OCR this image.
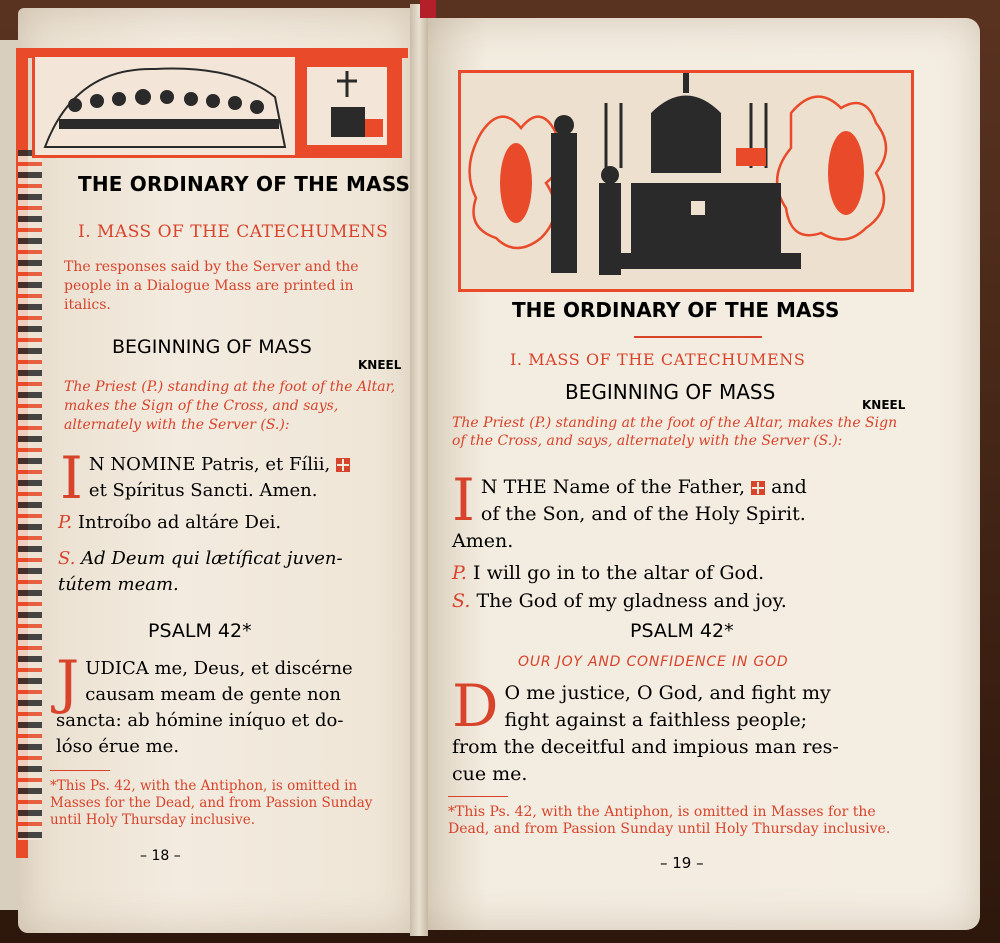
THE ORDINARY OF THE MASS
I. MASS OF THE CATECHUMENS
The responses said by the Server and the people in a Dialogue Mass are printed in italics.
BEGINNING OF MASS
KNEEL
The Priest (P.) standing at the foot of the Altar, makes the Sign of the Cross, and says, alternately with the Server (S.):
I N NOMINE Patris, et Fílii,
et Spíritus Sancti. Amen.
P. Introíbo ad altáre Dei.
S. Ad Deum qui lætíficat juven-
tútem meam.
PSALM 42*
J UDICA me, Deus, et discérne
causam meam de gente non
sancta: ab hómine iníquo et do-
lóso érue me.
*This Ps. 42, with the Antiphon, is omitted in Masses for the Dead, and from Passion Sunday until Holy Thursday inclusive.
– 18 –
THE ORDINARY OF THE MASS
I. MASS OF THE CATECHUMENS
BEGINNING OF MASS
KNEEL
The Priest (P.) standing at the foot of the Altar, makes the Sign of the Cross, and says, alternately with the Server (S.):
I N THE Name of the Father, and
of the Son, and of the Holy Spirit.
Amen.
P. I will go in to the altar of God.
S. The God of my gladness and joy.
PSALM 42*
OUR JOY AND CONFIDENCE IN GOD
D O me justice, O God, and fight my
fight against a faithless people;
from the deceitful and impious man res-
cue me.
*This Ps. 42, with the Antiphon, is omitted in Masses for the Dead, and from Passion Sunday until Holy Thursday inclusive.
– 19 –
